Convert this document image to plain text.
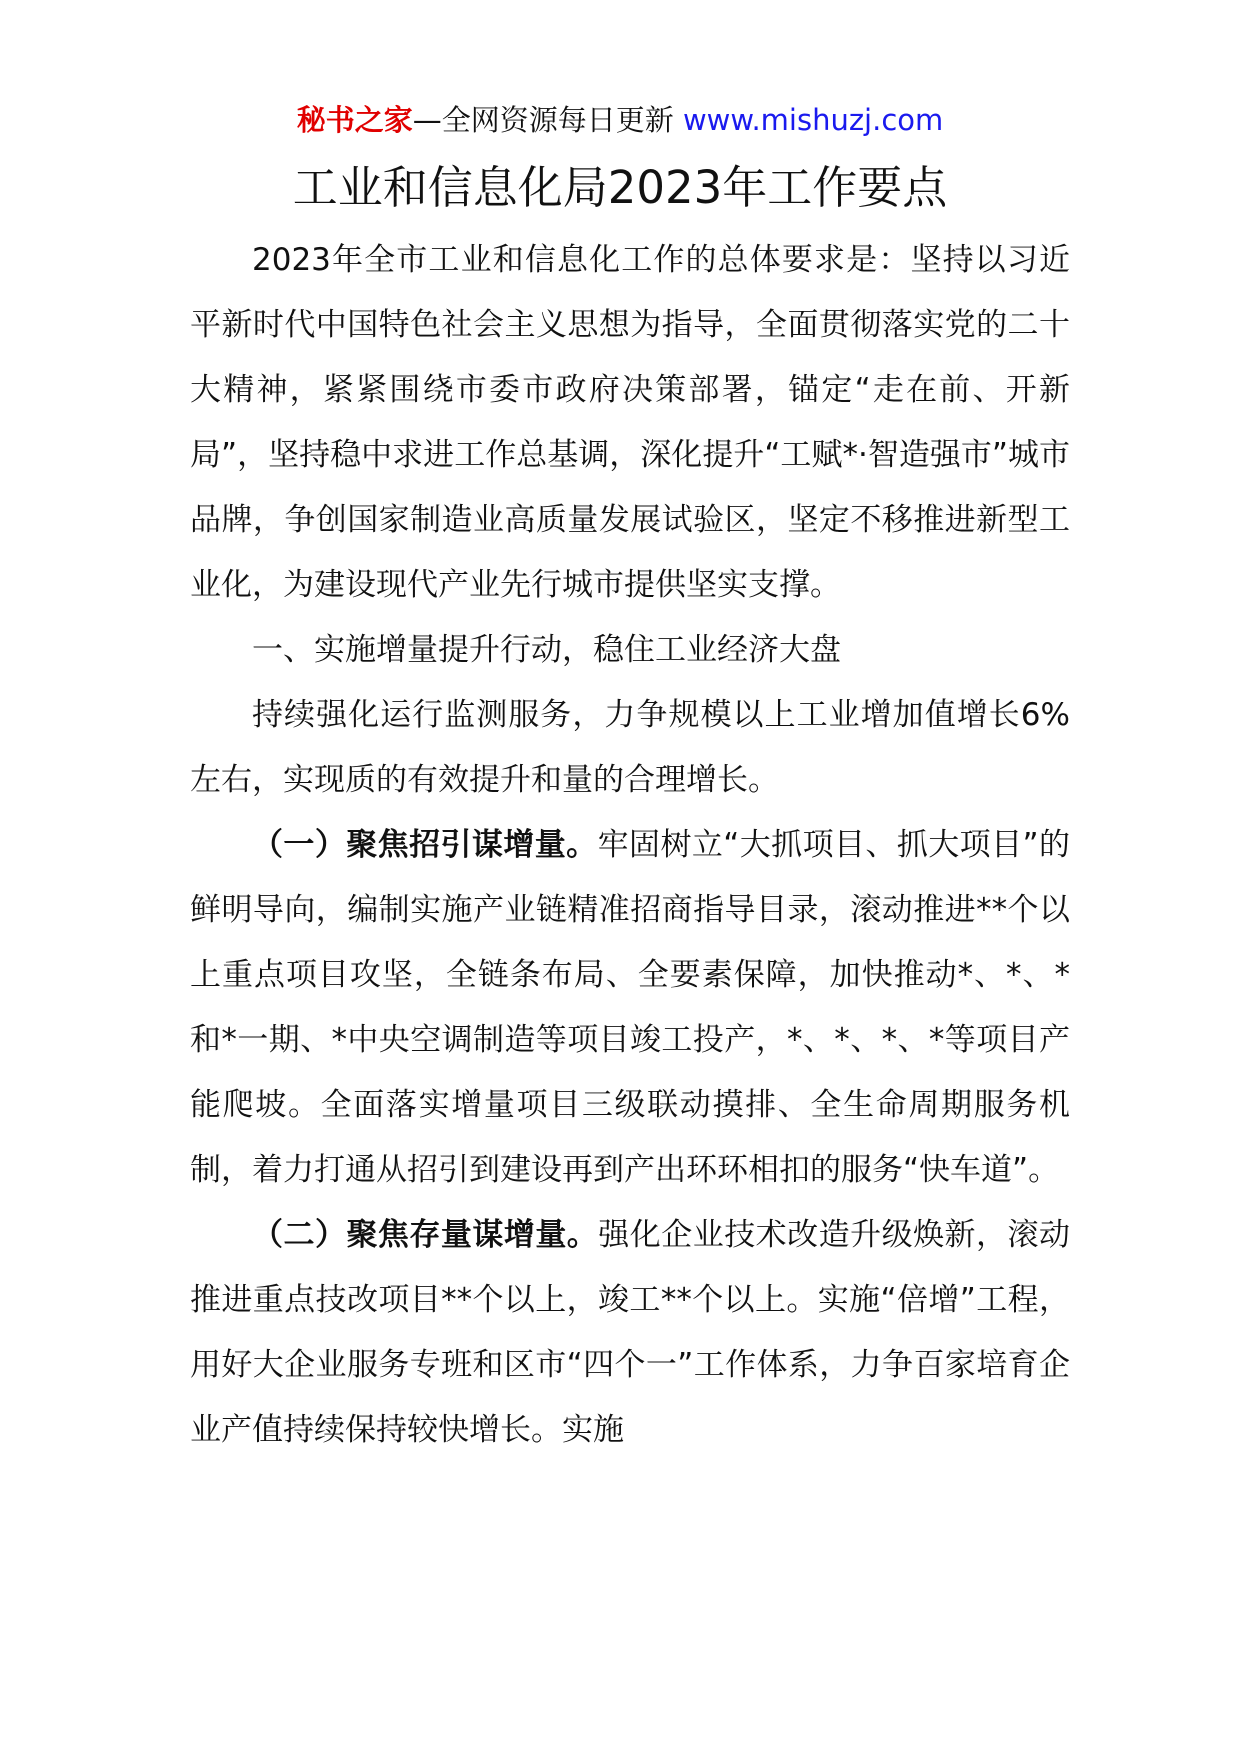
秘书之家—全网资源每日更新 www.mishuzj.com
工业和信息化局2023年工作要点

2023年全市工业和信息化工作的总体要求是：坚持以习近平新时代中国特色社会主义思想为指导，全面贯彻落实党的二十大精神，紧紧围绕市委市政府决策部署，锚定“走在前、开新局”，坚持稳中求进工作总基调，深化提升“工赋*·智造强市”城市品牌，争创国家制造业高质量发展试验区，坚定不移推进新型工业化，为建设现代产业先行城市提供坚实支撑。

一、实施增量提升行动，稳住工业经济大盘

持续强化运行监测服务，力争规模以上工业增加值增长6%左右，实现质的有效提升和量的合理增长。

（一）聚焦招引谋增量。牢固树立“大抓项目、抓大项目”的鲜明导向，编制实施产业链精准招商指导目录，滚动推进**个以上重点项目攻坚，全链条布局、全要素保障，加快推动*、*、*和*一期、*中央空调制造等项目竣工投产，*、*、*、*等项目产能爬坡。全面落实增量项目三级联动摸排、全生命周期服务机制，着力打通从招引到建设再到产出环环相扣的服务“快车道”。

（二）聚焦存量谋增量。强化企业技术改造升级焕新，滚动推进重点技改项目**个以上，竣工**个以上。实施“倍增”工程，用好大企业服务专班和区市“四个一”工作体系，力争百家培育企业产值持续保持较快增长。实施
